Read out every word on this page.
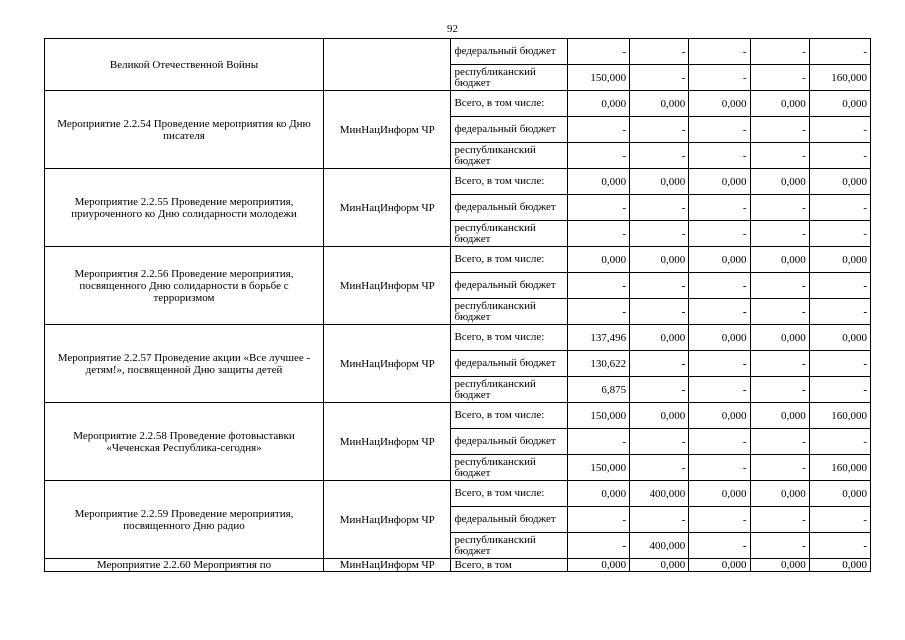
92
Великой Отечественной Войны		федеральный бюджет	-	-	-	-	-
		республиканский бюджет	150,000	-	-	-	160,000
Мероприятие 2.2.54 Проведение мероприятия ко Дню писателя	МинНацИнформ ЧР	Всего, в том числе:	0,000	0,000	0,000	0,000	0,000
		федеральный бюджет	-	-	-	-	-
		республиканский бюджет	-	-	-	-	-
Мероприятие 2.2.55 Проведение мероприятия, приуроченного ко Дню солидарности молодежи	МинНацИнформ ЧР	Всего, в том числе:	0,000	0,000	0,000	0,000	0,000
		федеральный бюджет	-	-	-	-	-
		республиканский бюджет	-	-	-	-	-
Мероприятия 2.2.56 Проведение мероприятия, посвященного Дню солидарности в борьбе с терроризмом	МинНацИнформ ЧР	Всего, в том числе:	0,000	0,000	0,000	0,000	0,000
		федеральный бюджет	-	-	-	-	-
		республиканский бюджет	-	-	-	-	-
Мероприятие 2.2.57 Проведение акции «Все лучшее - детям!», посвященной Дню защиты детей	МинНацИнформ ЧР	Всего, в том числе:	137,496	0,000	0,000	0,000	0,000
		федеральный бюджет	130,622	-	-	-	-
		республиканский бюджет	6,875	-	-	-	-
Мероприятие 2.2.58 Проведение фотовыставки «Чеченская Республика-сегодня»	МинНацИнформ ЧР	Всего, в том числе:	150,000	0,000	0,000	0,000	160,000
		федеральный бюджет	-	-	-	-	-
		республиканский бюджет	150,000	-	-	-	160,000
Мероприятие 2.2.59 Проведение мероприятия, посвященного Дню радио	МинНацИнформ ЧР	Всего, в том числе:	0,000	400,000	0,000	0,000	0,000
		федеральный бюджет	-	-	-	-	-
		республиканский бюджет	-	400,000	-	-	-
Мероприятие 2.2.60 Мероприятия по	МинНацИнформ ЧР	Всего, в том	0,000	0,000	0,000	0,000	0,000
